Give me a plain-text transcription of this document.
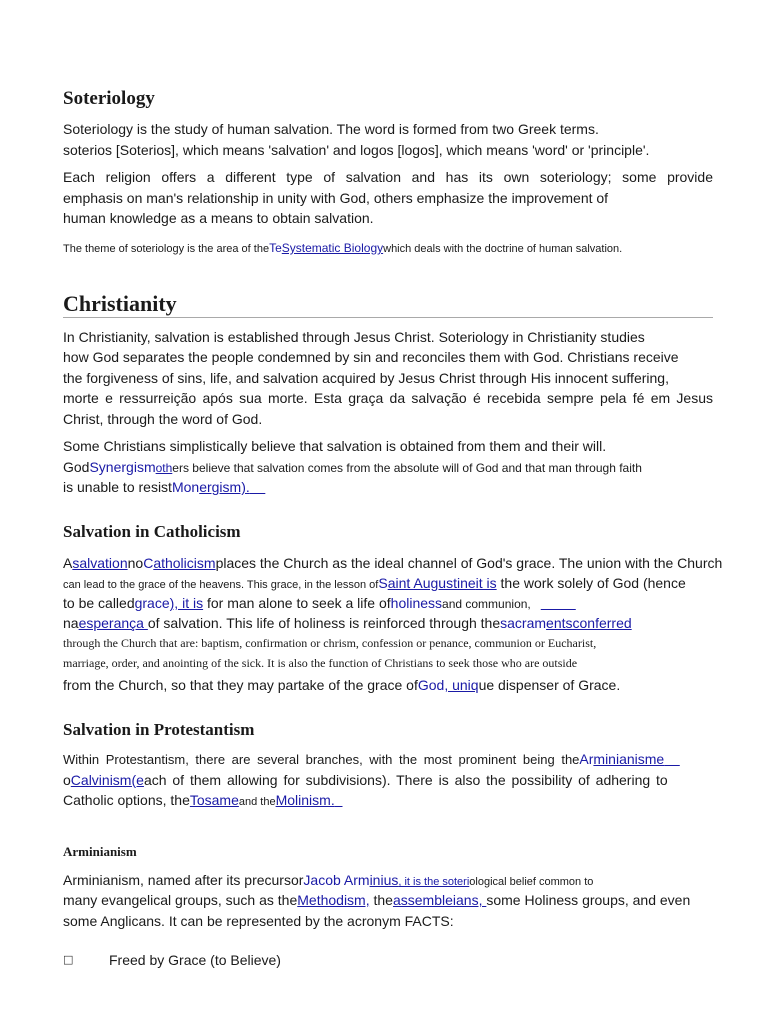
Soteriology
Soteriology is the study of human salvation. The word is formed from two Greek terms.
soterios [Soterios], which means 'salvation' and logos [logos], which means 'word' or 'principle'.
Each religion offers a different type of salvation and has its own soteriology; some provide
emphasis on man's relationship in unity with God, others emphasize the improvement of
human knowledge as a means to obtain salvation.
The theme of soteriology is the area of theTeSystematic Biologywhich deals with the doctrine of human salvation.
Christianity
In Christianity, salvation is established through Jesus Christ. Soteriology in Christianity studies
how God separates the people condemned by sin and reconciles them with God. Christians receive
the forgiveness of sins, life, and salvation acquired by Jesus Christ through His innocent suffering,
morte e ressurreição após sua morte. Esta graça da salvação é recebida sempre pela fé em Jesus
Christ, through the word of God.
Some Christians simplistically believe that salvation is obtained from them and their will.
GodSynergismothers believe that salvation comes from the absolute will of God and that man through faith
is unable to resistMonergism).
Salvation in Catholicism
AsalvationnoCatholicismplaces the Church as the ideal channel of God's grace. The union with the Church
can lead to the grace of the heavens. This grace, in the lesson ofSaint Augustineit is the work solely of God (hence
to be calledgrace), it is for man alone to seek a life ofholinessand communion,
naesperança of salvation. This life of holiness is reinforced through thesacramentsconferred
through the Church that are: baptism, confirmation or chrism, confession or penance, communion or Eucharist,
marriage, order, and anointing of the sick. It is also the function of Christians to seek those who are outside
from the Church, so that they may partake of the grace ofGod, unique dispenser of Grace.
Salvation in Protestantism
Within Protestantism, there are several branches, with the most prominent being theArminianisme
oCalvinism(each of them allowing for subdivisions). There is also the possibility of adhering to
Catholic options, theTosameand theMolinism.
Arminianism
Arminianism, named after its precursorJacob Arminius, it is the soteriological belief common to
many evangelical groups, such as theMethodism, theassembleians, some Holiness groups, and even
some Anglicans. It can be represented by the acronym FACTS:
□	Freed by Grace (to Believe)
